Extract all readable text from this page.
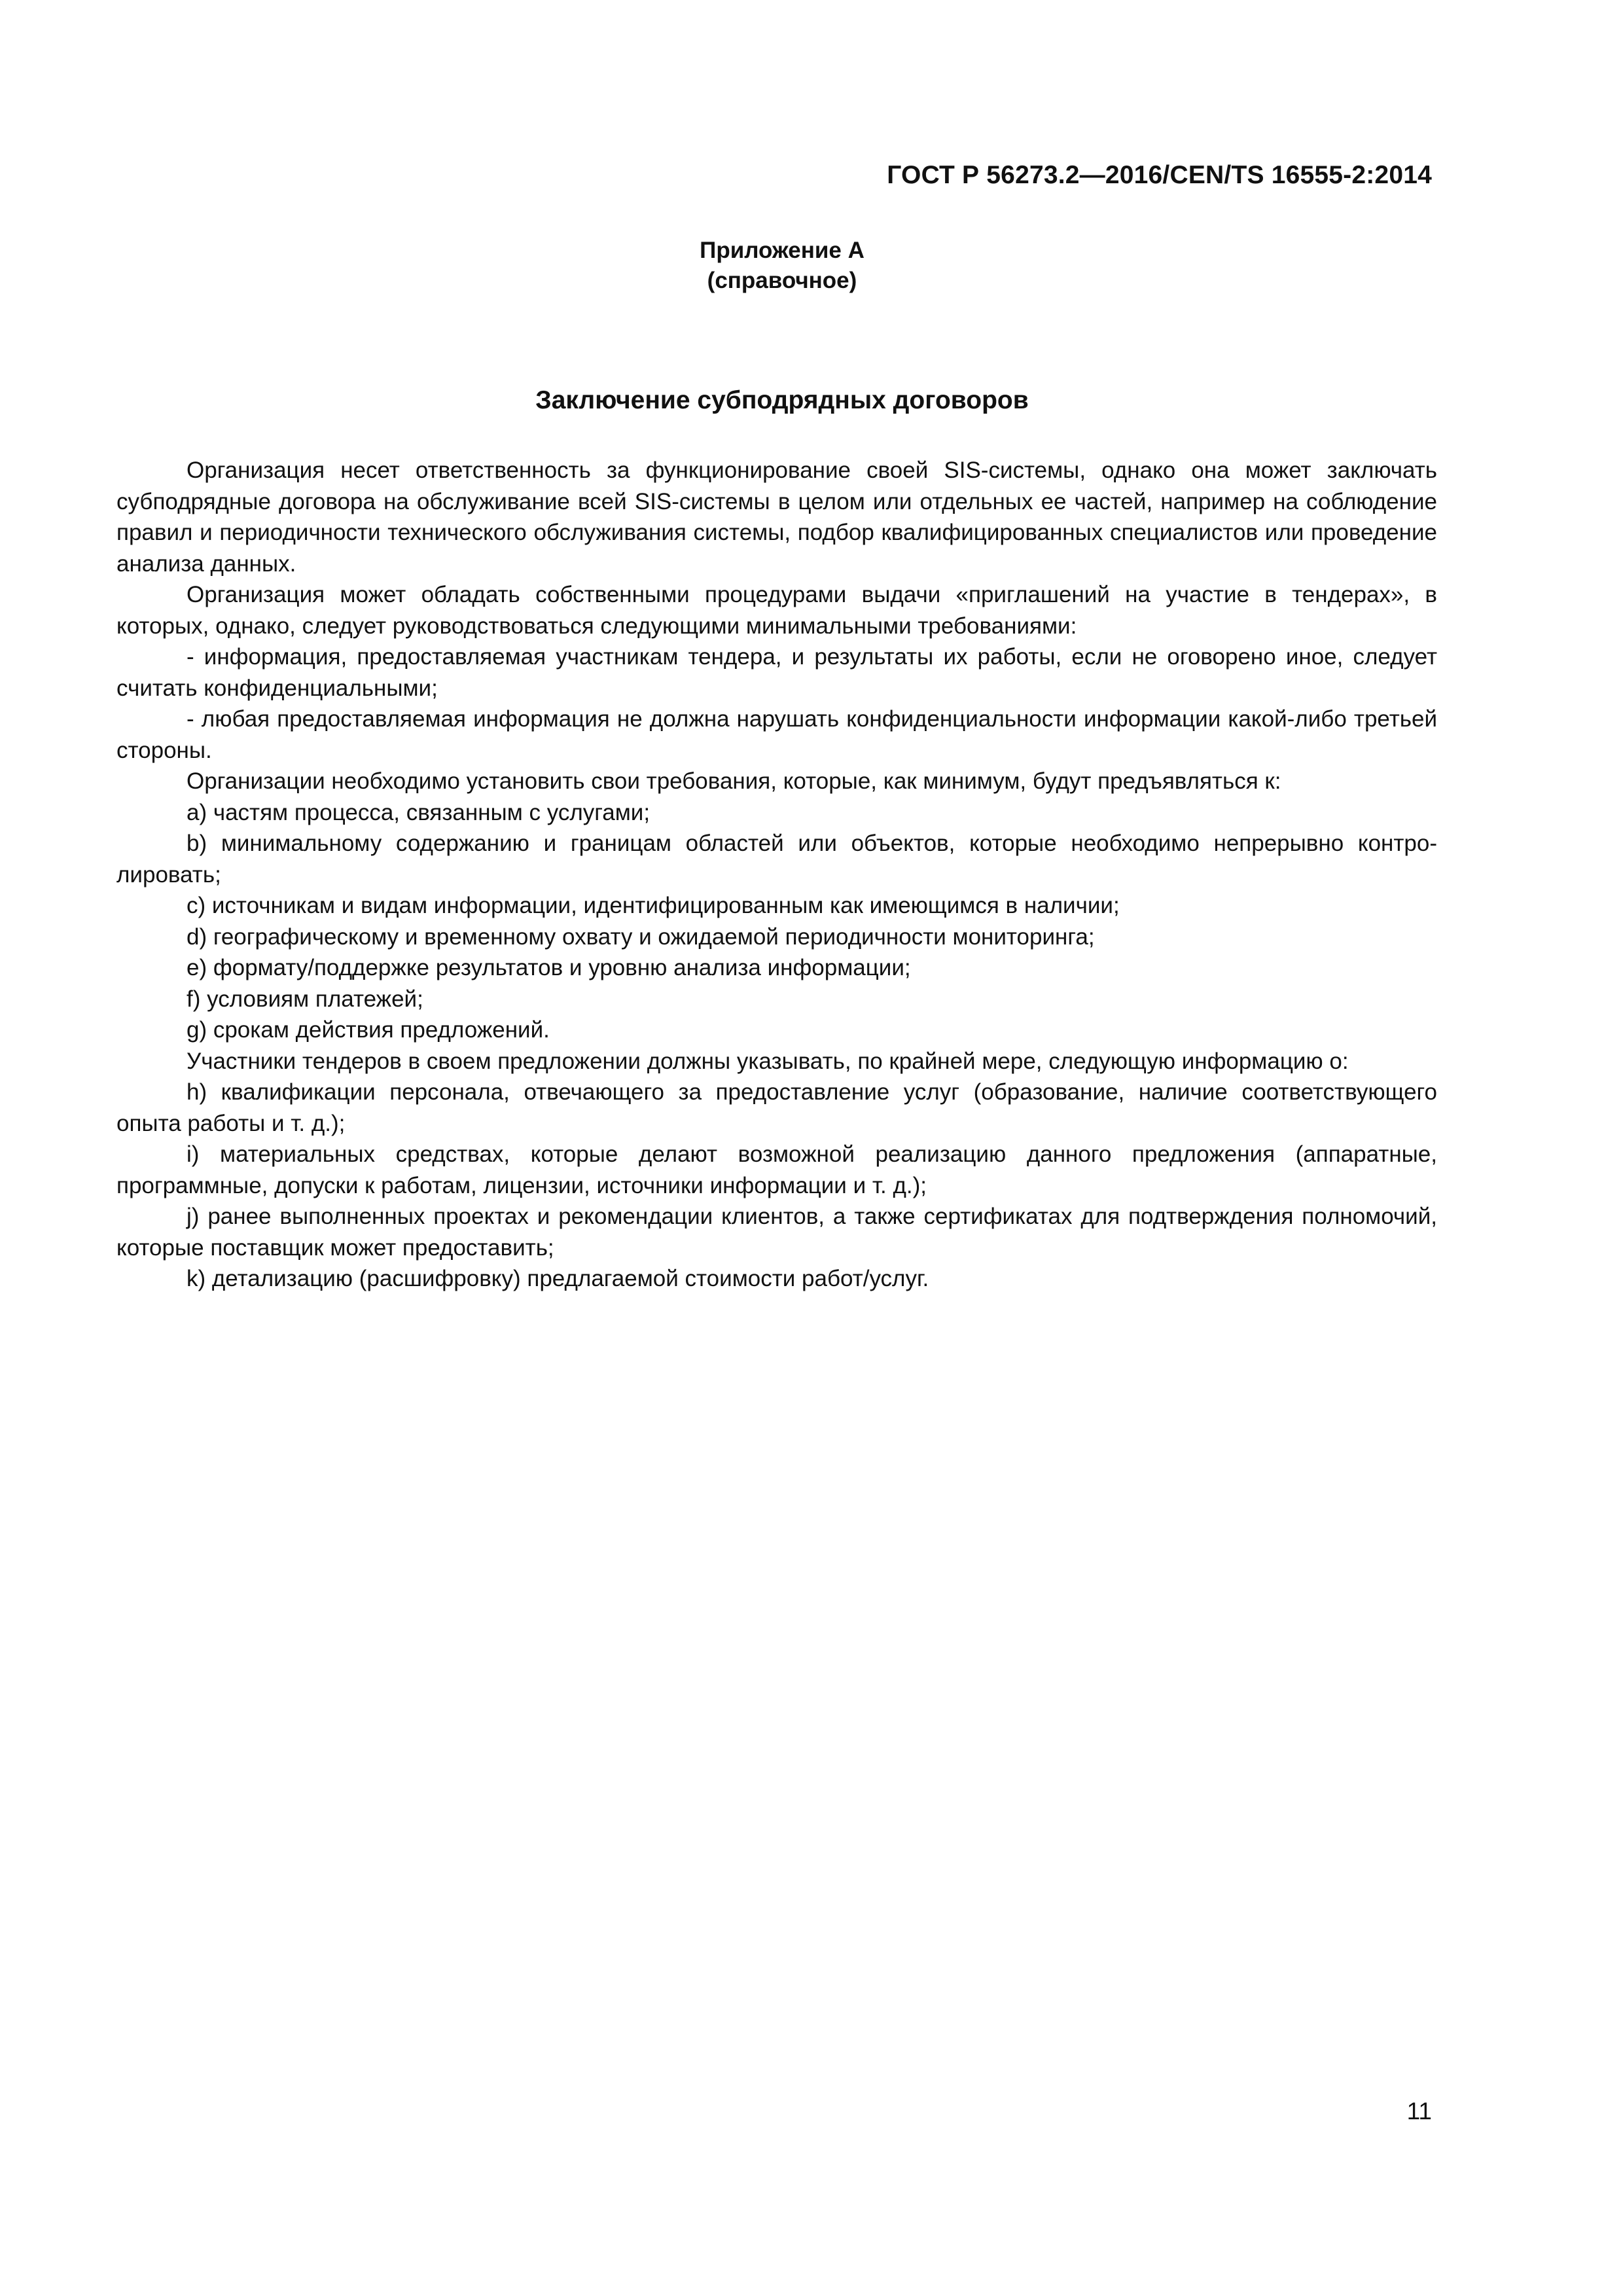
ГОСТ Р 56273.2—2016/CEN/TS 16555-2:2014
Приложение А
(справочное)
Заключение субподрядных договоров

Организация несет ответственность за функционирование своей SIS-системы, однако она может заключать субподрядные договора на обслуживание всей SIS-системы в целом или отдельных ее частей, например на соблюдение правил и периодичности технического обслуживания системы, подбор квалифицированных специалистов или проведение анализа данных.

Организация может обладать собственными процедурами выдачи «приглашений на участие в тендерах», в которых, однако, следует руководствоваться следующими минимальными требованиями:

- информация, предоставляемая участникам тендера, и результаты их работы, если не оговорено иное, следует считать конфиденциальными;

- любая предоставляемая информация не должна нарушать конфиденциальности информации какой-либо третьей стороны.

Организации необходимо установить свои требования, которые, как минимум, будут предъявляться к:

a) частям процесса, связанным с услугами;

b) минимальному содержанию и границам областей или объектов, которые необходимо непрерывно контролировать;

c) источникам и видам информации, идентифицированным как имеющимся в наличии;

d) географическому и временному охвату и ожидаемой периодичности мониторинга;

e) формату/поддержке результатов и уровню анализа информации;

f) условиям платежей;

g) срокам действия предложений.

Участники тендеров в своем предложении должны указывать, по крайней мере, следующую информацию о:

h) квалификации персонала, отвечающего за предоставление услуг (образование, наличие соответствующего опыта работы и т. д.);

i) материальных средствах, которые делают возможной реализацию данного предложения (аппаратные, программные, допуски к работам, лицензии, источники информации и т. д.);

j) ранее выполненных проектах и рекомендации клиентов, а также сертификатах для подтверждения полномочий, которые поставщик может предоставить;

k) детализацию (расшифровку) предлагаемой стоимости работ/услуг.

11
